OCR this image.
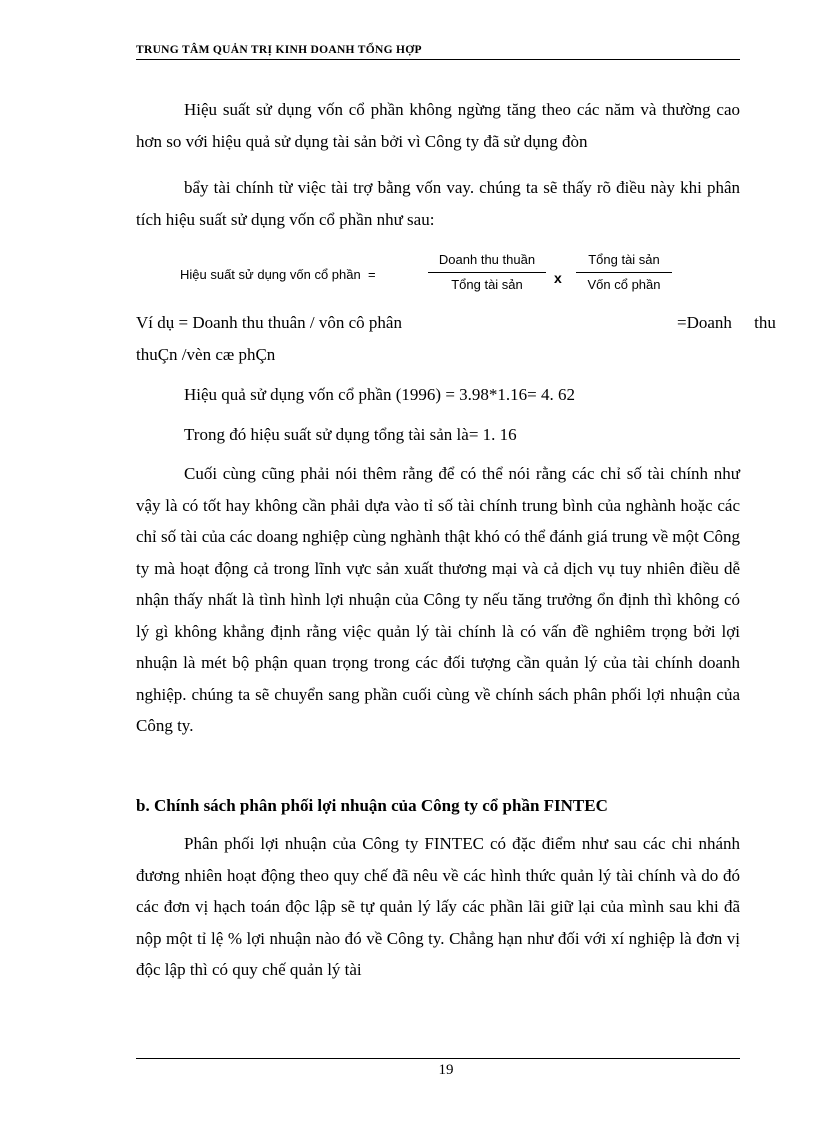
TRUNG TÂM QUẢN TRỊ KINH DOANH TỔNG HỢP

Hiệu suất sử dụng vốn cổ phần không ngừng tăng theo các năm và thường cao hơn so với hiệu quả sử dụng tài sản bởi vì Công ty đã sử dụng đòn

bẩy tài chính từ việc tài trợ bằng vốn vay. chúng ta sẽ thấy rõ điều này khi phân tích hiệu suất sử dụng vốn cổ phần như sau:

Hiệu suất sử dụng vốn cổ phần =
Doanh thu thuần
Tổng tài sản	x
Tổng tài sản
Vốn cổ phần

Ví dụ = Doanh thu thuân / vôn cô phân	=Doanh thu

thuÇn /vèn cæ phÇn

Hiệu quả sử dụng vốn cổ phần (1996) = 3.98*1.16= 4. 62

Trong đó hiệu suất sử dụng tổng tài sản là= 1. 16

Cuối cùng cũng phải nói thêm rằng để có thể nói rằng các chỉ số tài chính như vậy là có tốt hay không cần phải dựa vào tỉ số tài chính trung bình của nghành hoặc các chỉ số tài của các doang nghiệp cùng nghành thật khó có thể đánh giá trung về một Công ty mà hoạt động cả trong lĩnh vực sản xuất thương mại và cả dịch vụ tuy nhiên điều dễ nhận thấy nhất là tình hình lợi nhuận của Công ty nếu tăng trưởng ổn định thì không có lý gì không khẳng định rằng việc quản lý tài chính là có vấn đề nghiêm trọng bởi lợi nhuận là mét bộ phận quan trọng trong các đối tượng cần quản lý của tài chính doanh nghiệp. chúng ta sẽ chuyển sang phần cuối cùng về chính sách phân phối lợi nhuận của Công ty.

b. Chính sách phân phối lợi nhuận của Công ty cổ phần FINTEC

Phân phối lợi nhuận của Công ty FINTEC có đặc điểm như sau các chi nhánh đương nhiên hoạt động theo quy chế đã nêu về các hình thức quản lý tài chính và do đó các đơn vị hạch toán độc lập sẽ tự quản lý lấy các phần lãi giữ lại của mình sau khi đã nộp một tỉ lệ % lợi nhuận nào đó về Công ty. Chẳng hạn như đối với xí nghiệp là đơn vị độc lập thì có quy chế quản lý tài

19
